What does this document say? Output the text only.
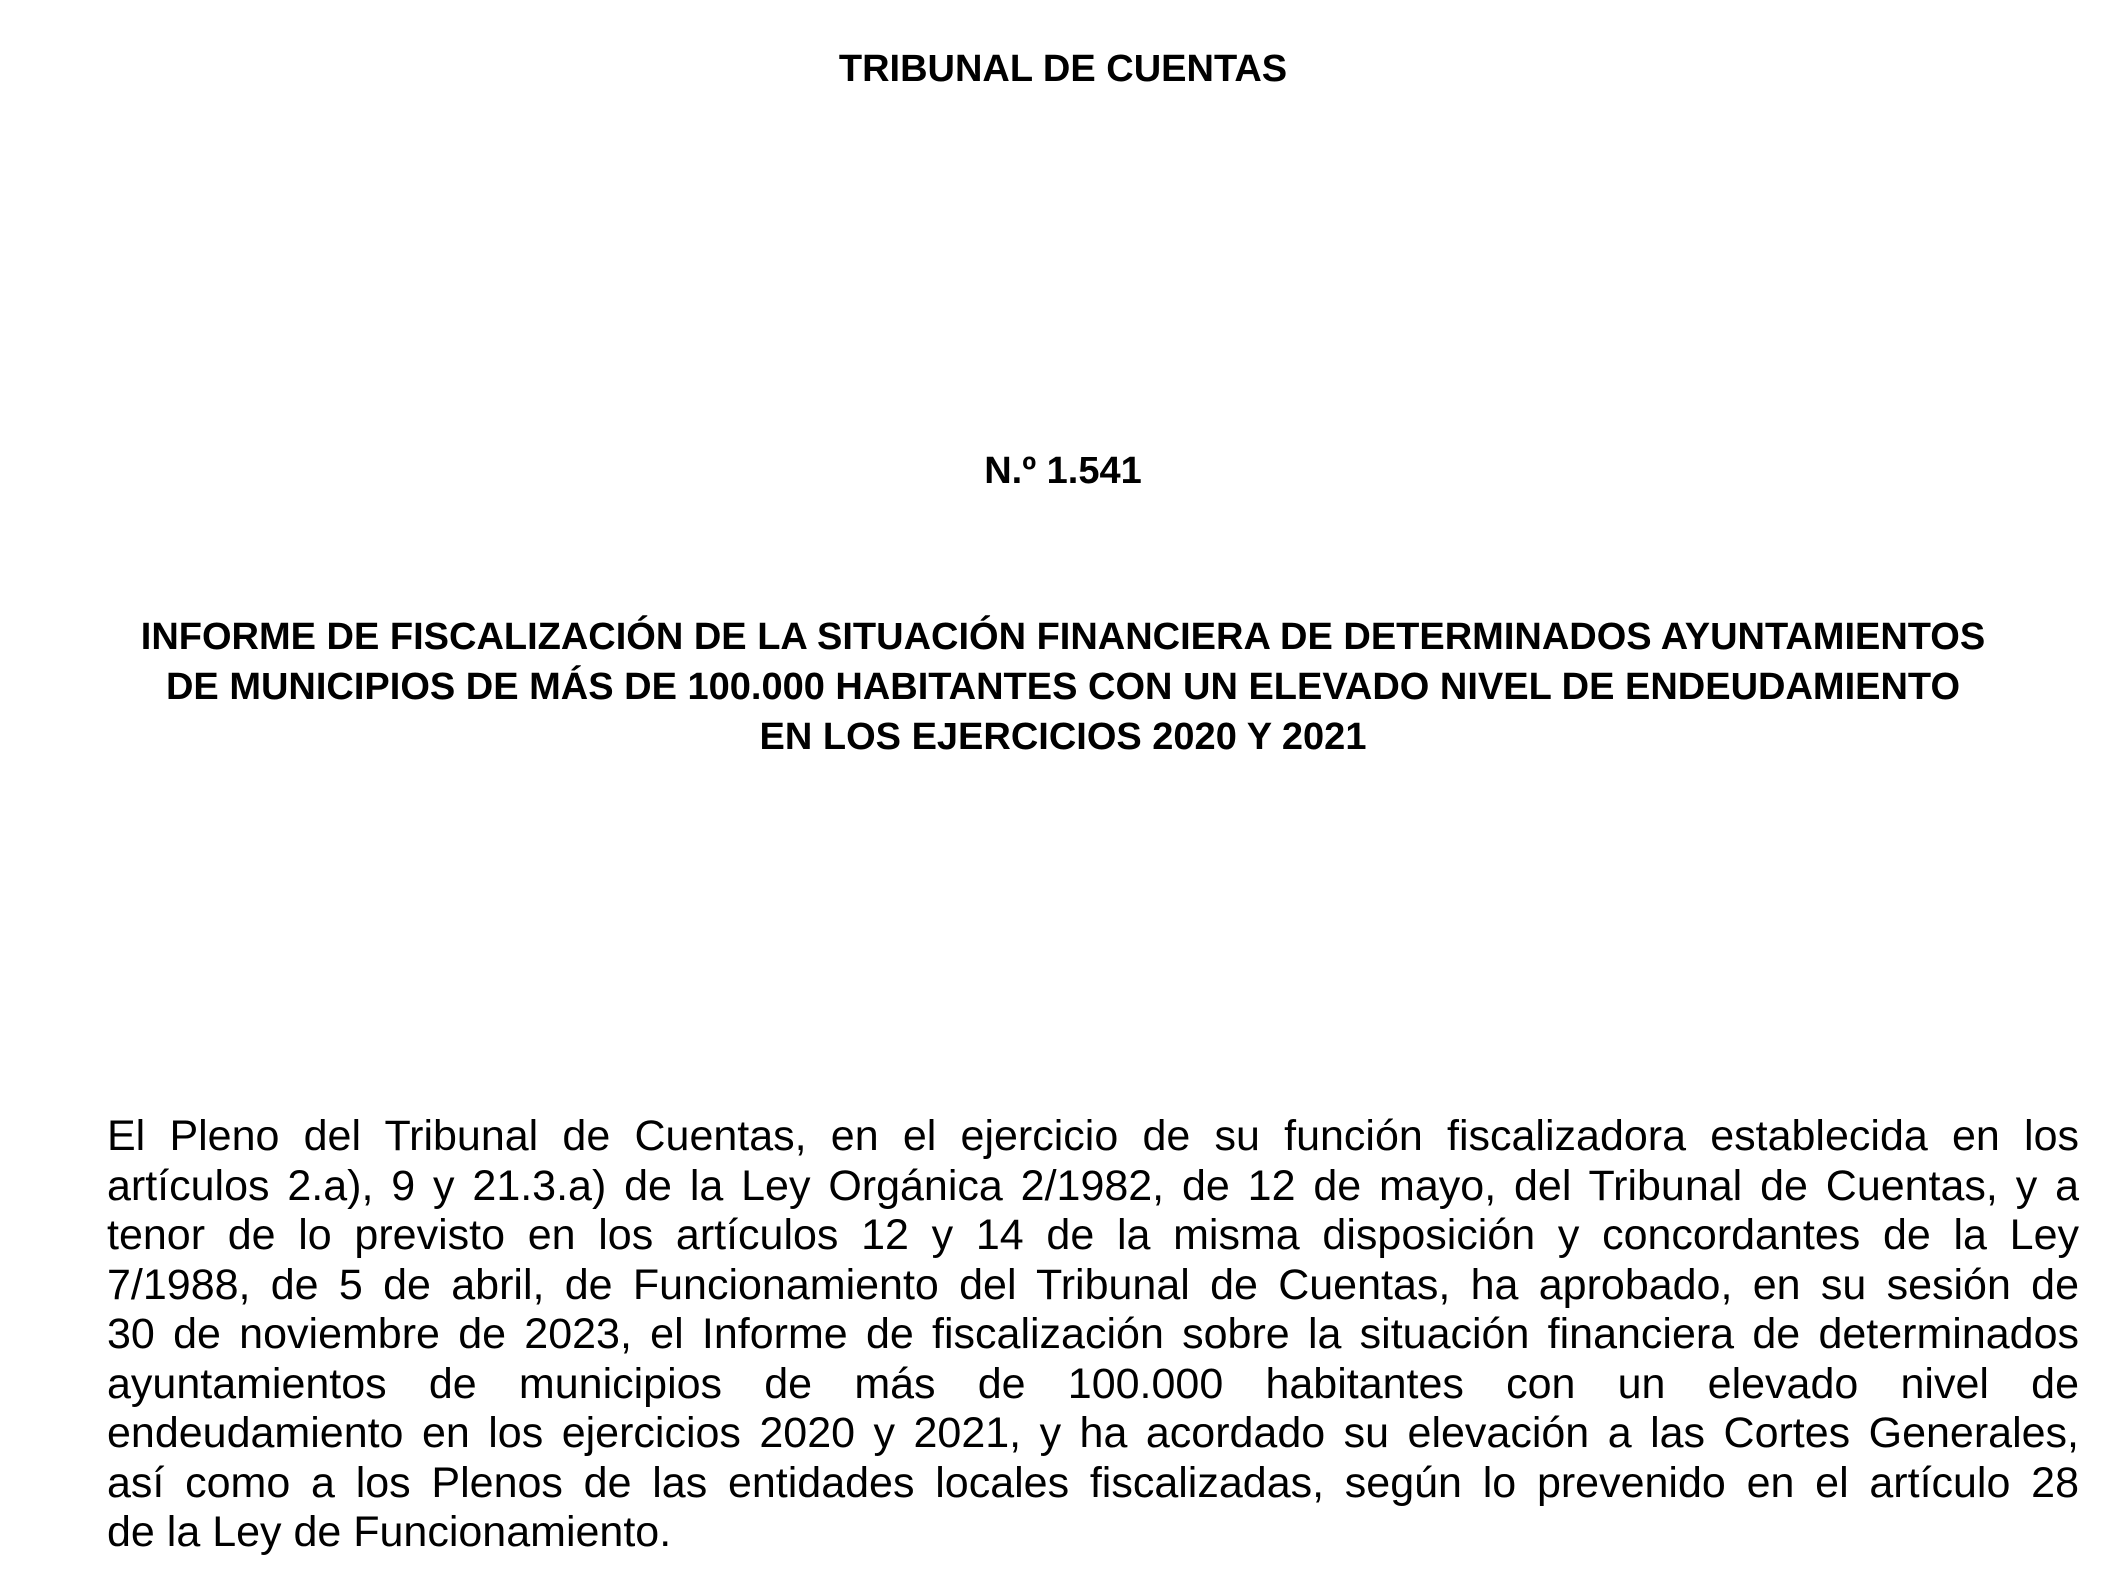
TRIBUNAL DE CUENTAS
N.º 1.541
INFORME DE FISCALIZACIÓN DE LA SITUACIÓN FINANCIERA DE DETERMINADOS AYUNTAMIENTOS
DE MUNICIPIOS DE MÁS DE 100.000 HABITANTES CON UN ELEVADO NIVEL DE ENDEUDAMIENTO
EN LOS EJERCICIOS 2020 Y 2021

El Pleno del Tribunal de Cuentas, en el ejercicio de su función fiscalizadora establecida en los
artículos 2.a), 9 y 21.3.a) de la Ley Orgánica 2/1982, de 12 de mayo, del Tribunal de Cuentas, y a
tenor de lo previsto en los artículos 12 y 14 de la misma disposición y concordantes de la Ley
7/1988, de 5 de abril, de Funcionamiento del Tribunal de Cuentas, ha aprobado, en su sesión de
30 de noviembre de 2023, el Informe de fiscalización sobre la situación financiera de determinados
ayuntamientos de municipios de más de 100.000 habitantes con un elevado nivel de
endeudamiento en los ejercicios 2020 y 2021, y ha acordado su elevación a las Cortes Generales,
así como a los Plenos de las entidades locales fiscalizadas, según lo prevenido en el artículo 28
de la Ley de Funcionamiento.
